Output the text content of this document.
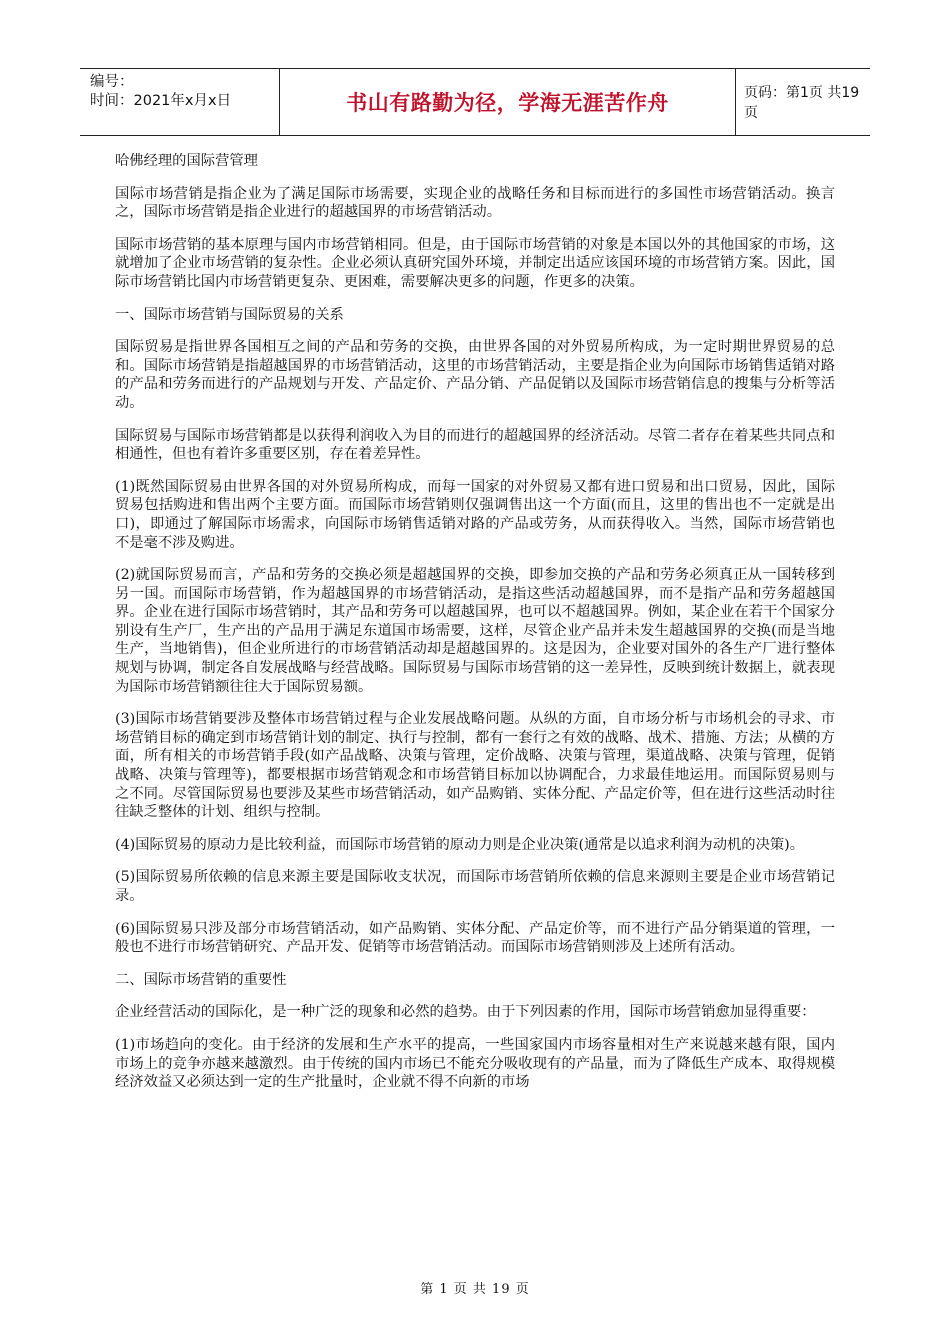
编号：
时间：2021年x月x日	书山有路勤为径，学海无涯苦作舟	页码：第1页 共19页

哈佛经理的国际营管理

国际市场营销是指企业为了满足国际市场需要，实现企业的战略任务和目标而进行的多国性市场营销活动。换言之，国际市场营销是指企业进行的超越国界的市场营销活动。

国际市场营销的基本原理与国内市场营销相同。但是，由于国际市场营销的对象是本国以外的其他国家的市场，这就增加了企业市场营销的复杂性。企业必须认真研究国外环境，并制定出适应该国环境的市场营销方案。因此，国际市场营销比国内市场营销更复杂、更困难，需要解决更多的问题，作更多的决策。

一、国际市场营销与国际贸易的关系

国际贸易是指世界各国相互之间的产品和劳务的交换，由世界各国的对外贸易所构成，为一定时期世界贸易的总和。国际市场营销是指超越国界的市场营销活动，这里的市场营销活动，主要是指企业为向国际市场销售适销对路的产品和劳务而进行的产品规划与开发、产品定价、产品分销、产品促销以及国际市场营销信息的搜集与分析等活动。

国际贸易与国际市场营销都是以获得利润收入为目的而进行的超越国界的经济活动。尽管二者存在着某些共同点和相通性，但也有着许多重要区别，存在着差异性。

(1)既然国际贸易由世界各国的对外贸易所构成，而每一国家的对外贸易又都有进口贸易和出口贸易，因此，国际贸易包括购进和售出两个主要方面。而国际市场营销则仅强调售出这一个方面(而且，这里的售出也不一定就是出口)，即通过了解国际市场需求，向国际市场销售适销对路的产品或劳务，从而获得收入。当然，国际市场营销也不是毫不涉及购进。

(2)就国际贸易而言，产品和劳务的交换必须是超越国界的交换，即参加交换的产品和劳务必须真正从一国转移到另一国。而国际市场营销，作为超越国界的市场营销活动，是指这些活动超越国界，而不是指产品和劳务超越国界。企业在进行国际市场营销时，其产品和劳务可以超越国界，也可以不超越国界。例如，某企业在若干个国家分别设有生产厂，生产出的产品用于满足东道国市场需要，这样，尽管企业产品并未发生超越国界的交换(而是当地生产，当地销售)，但企业所进行的市场营销活动却是超越国界的。这是因为，企业要对国外的各生产厂进行整体规划与协调，制定各自发展战略与经营战略。国际贸易与国际市场营销的这一差异性，反映到统计数据上，就表现为国际市场营销额往往大于国际贸易额。

(3)国际市场营销要涉及整体市场营销过程与企业发展战略问题。从纵的方面，自市场分析与市场机会的寻求、市场营销目标的确定到市场营销计划的制定、执行与控制，都有一套行之有效的战略、战术、措施、方法；从横的方面，所有相关的市场营销手段(如产品战略、决策与管理，定价战略、决策与管理，渠道战略、决策与管理，促销战略、决策与管理等)，都要根据市场营销观念和市场营销目标加以协调配合，力求最佳地运用。而国际贸易则与之不同。尽管国际贸易也要涉及某些市场营销活动，如产品购销、实体分配、产品定价等，但在进行这些活动时往往缺乏整体的计划、组织与控制。

(4)国际贸易的原动力是比较利益，而国际市场营销的原动力则是企业决策(通常是以追求利润为动机的决策)。

(5)国际贸易所依赖的信息来源主要是国际收支状况，而国际市场营销所依赖的信息来源则主要是企业市场营销记录。

(6)国际贸易只涉及部分市场营销活动，如产品购销、实体分配、产品定价等，而不进行产品分销渠道的管理，一般也不进行市场营销研究、产品开发、促销等市场营销活动。而国际市场营销则涉及上述所有活动。

二、国际市场营销的重要性

企业经营活动的国际化，是一种广泛的现象和必然的趋势。由于下列因素的作用，国际市场营销愈加显得重要：

(1)市场趋向的变化。由于经济的发展和生产水平的提高，一些国家国内市场容量相对生产来说越来越有限，国内市场上的竞争亦越来越激烈。由于传统的国内市场已不能充分吸收现有的产品量，而为了降低生产成本、取得规模经济效益又必须达到一定的生产批量时，企业就不得不向新的市场

第 1 页 共 19 页
